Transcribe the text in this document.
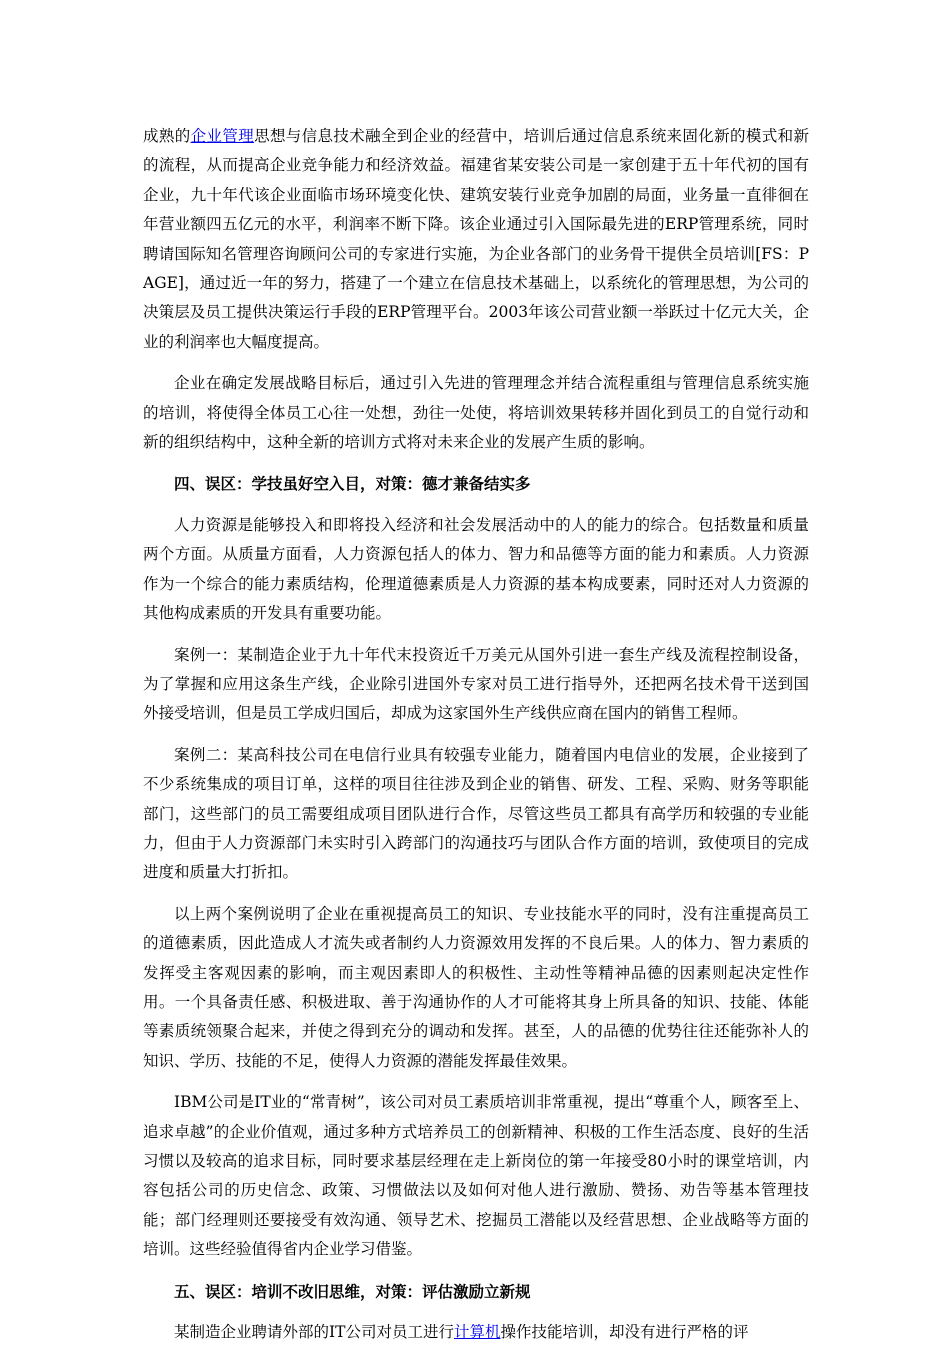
成熟的企业管理思想与信息技术融全到企业的经营中，培训后通过信息系统来固化新的模式和新的流程，从而提高企业竞争能力和经济效益。福建省某安装公司是一家创建于五十年代初的国有企业，九十年代该企业面临市场环境变化快、建筑安装行业竞争加剧的局面，业务量一直徘徊在年营业额四五亿元的水平，利润率不断下降。该企业通过引入国际最先进的ERP管理系统，同时聘请国际知名管理咨询顾问公司的专家进行实施，为企业各部门的业务骨干提供全员培训[FS：PAGE]，通过近一年的努力，搭建了一个建立在信息技术基础上，以系统化的管理思想，为公司的决策层及员工提供决策运行手段的ERP管理平台。2003年该公司营业额一举跃过十亿元大关，企业的利润率也大幅度提高。

企业在确定发展战略目标后，通过引入先进的管理理念并结合流程重组与管理信息系统实施的培训，将使得全体员工心往一处想，劲往一处使，将培训效果转移并固化到员工的自觉行动和新的组织结构中，这种全新的培训方式将对未来企业的发展产生质的影响。

四、误区：学技虽好空入目，对策：德才兼备结实多

人力资源是能够投入和即将投入经济和社会发展活动中的人的能力的综合。包括数量和质量两个方面。从质量方面看，人力资源包括人的体力、智力和品德等方面的能力和素质。人力资源作为一个综合的能力素质结构，伦理道德素质是人力资源的基本构成要素，同时还对人力资源的其他构成素质的开发具有重要功能。

案例一：某制造企业于九十年代末投资近千万美元从国外引进一套生产线及流程控制设备，为了掌握和应用这条生产线，企业除引进国外专家对员工进行指导外，还把两名技术骨干送到国外接受培训，但是员工学成归国后，却成为这家国外生产线供应商在国内的销售工程师。

案例二：某高科技公司在电信行业具有较强专业能力，随着国内电信业的发展，企业接到了不少系统集成的项目订单，这样的项目往往涉及到企业的销售、研发、工程、采购、财务等职能部门，这些部门的员工需要组成项目团队进行合作，尽管这些员工都具有高学历和较强的专业能力，但由于人力资源部门未实时引入跨部门的沟通技巧与团队合作方面的培训，致使项目的完成进度和质量大打折扣。

以上两个案例说明了企业在重视提高员工的知识、专业技能水平的同时，没有注重提高员工的道德素质，因此造成人才流失或者制约人力资源效用发挥的不良后果。人的体力、智力素质的发挥受主客观因素的影响，而主观因素即人的积极性、主动性等精神品德的因素则起决定性作用。一个具备责任感、积极进取、善于沟通协作的人才可能将其身上所具备的知识、技能、体能等素质统领聚合起来，并使之得到充分的调动和发挥。甚至，人的品德的优势往往还能弥补人的知识、学历、技能的不足，使得人力资源的潜能发挥最佳效果。

IBM公司是IT业的“常青树”，该公司对员工素质培训非常重视，提出“尊重个人，顾客至上、追求卓越”的企业价值观，通过多种方式培养员工的创新精神、积极的工作生活态度、良好的生活习惯以及较高的追求目标，同时要求基层经理在走上新岗位的第一年接受80小时的课堂培训，内容包括公司的历史信念、政策、习惯做法以及如何对他人进行激励、赞扬、劝告等基本管理技能；部门经理则还要接受有效沟通、领导艺术、挖掘员工潜能以及经营思想、企业战略等方面的培训。这些经验值得省内企业学习借鉴。

五、误区：培训不改旧思维，对策：评估激励立新规

某制造企业聘请外部的IT公司对员工进行计算机操作技能培训，却没有进行严格的评
